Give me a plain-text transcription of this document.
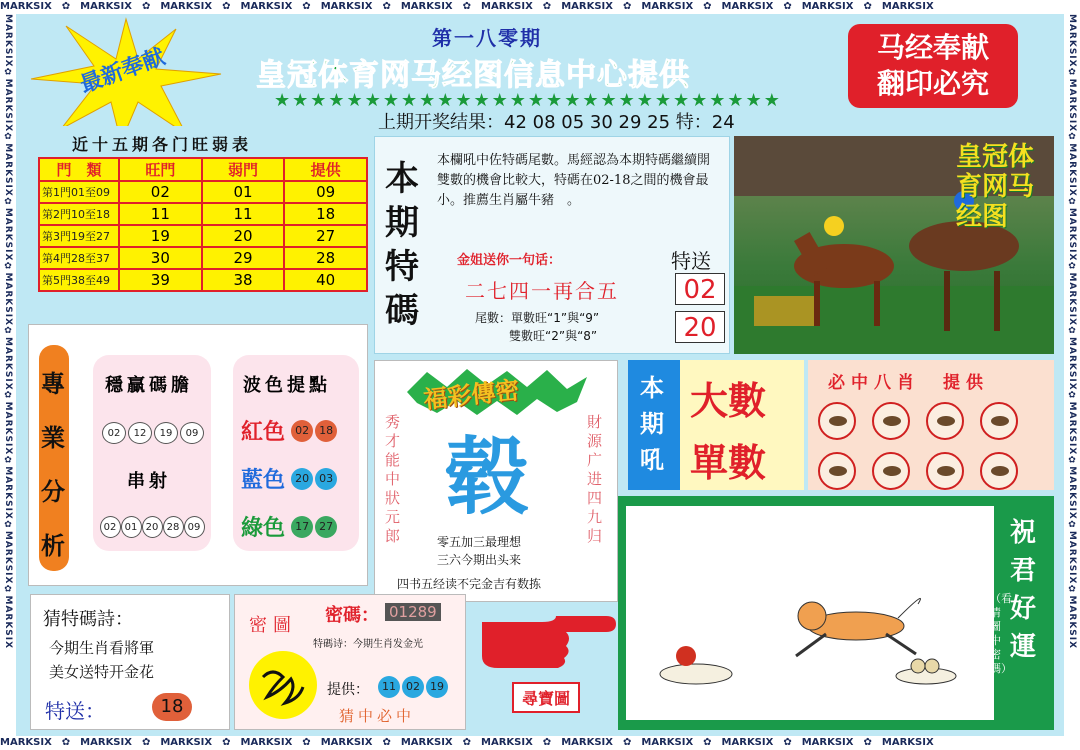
MARKSIX　✿　MARKSIX　✿　MARKSIX　✿　MARKSIX　✿　MARKSIX　✿　MARKSIX　✿　MARKSIX　✿　MARKSIX　✿　MARKSIX　✿　MARKSIX　✿　MARKSIX　✿　MARKSIX
MARKSIX　✿　MARKSIX　✿　MARKSIX　✿　MARKSIX　✿　MARKSIX　✿　MARKSIX　✿　MARKSIX　✿　MARKSIX　✿　MARKSIX　✿　MARKSIX　✿　MARKSIX　✿　MARKSIX
MARKSIX✿MARKSIX✿MARKSIX✿MARKSIX✿MARKSIX✿MARKSIX✿MARKSIX✿MARKSIX✿MARKSIX✿MARKSIX
MARKSIX✿MARKSIX✿MARKSIX✿MARKSIX✿MARKSIX✿MARKSIX✿MARKSIX✿MARKSIX✿MARKSIX✿MARKSIX
最新奉献
第一八零期
皇冠体育网马经图信息中心提供
★★★★★★★★★★★★★★★★★★★★★★★★★★★★
马经奉献
翻印必究
上期开奖结果：42 08 05 30 29 25 特：24
近十五期各门旺弱表
門　類	旺門	弱門	提供
第1門01至09	02	01	09
第2門10至18	11	11	18
第3門19至27	19	20	27
第4門28至37	30	29	28
第5門38至49	39	38	40
本期特碼
本欄吼中佐特碼尾數。馬經認為本期特碼繼續開雙數的機會比較大，特碼在02-18之間的機會最小。推薦生肖屬牛豬　。
金姐送你一句话：
二七四一再合五
特送
02
20
尾數：單數旺“1”與“9”
雙數旺“2”與“8”
皇冠体育网马经图
專業分析
穩贏碼膽
02 12 19 09
串射
02 01 20 28 09
波色提點
紅色 02 18
藍色 20 03
綠色 17 27
福彩傳密
秀才能中狀元郎
財源广进四九归
毂
零五加三最理想
三六今期出头来
四书五经读不完金吉有数拣
本期吼
大數
單數
必中八肖　提供

祝君好運
（看清圖中密碼）
猜特碼詩：
今期生肖看將軍
美女送特开金花
特送：	18
密圖 密碼： 01289
特碼诗：今期生肖发金光
提供：	11 02 19
猜中必中
尋寶圖
